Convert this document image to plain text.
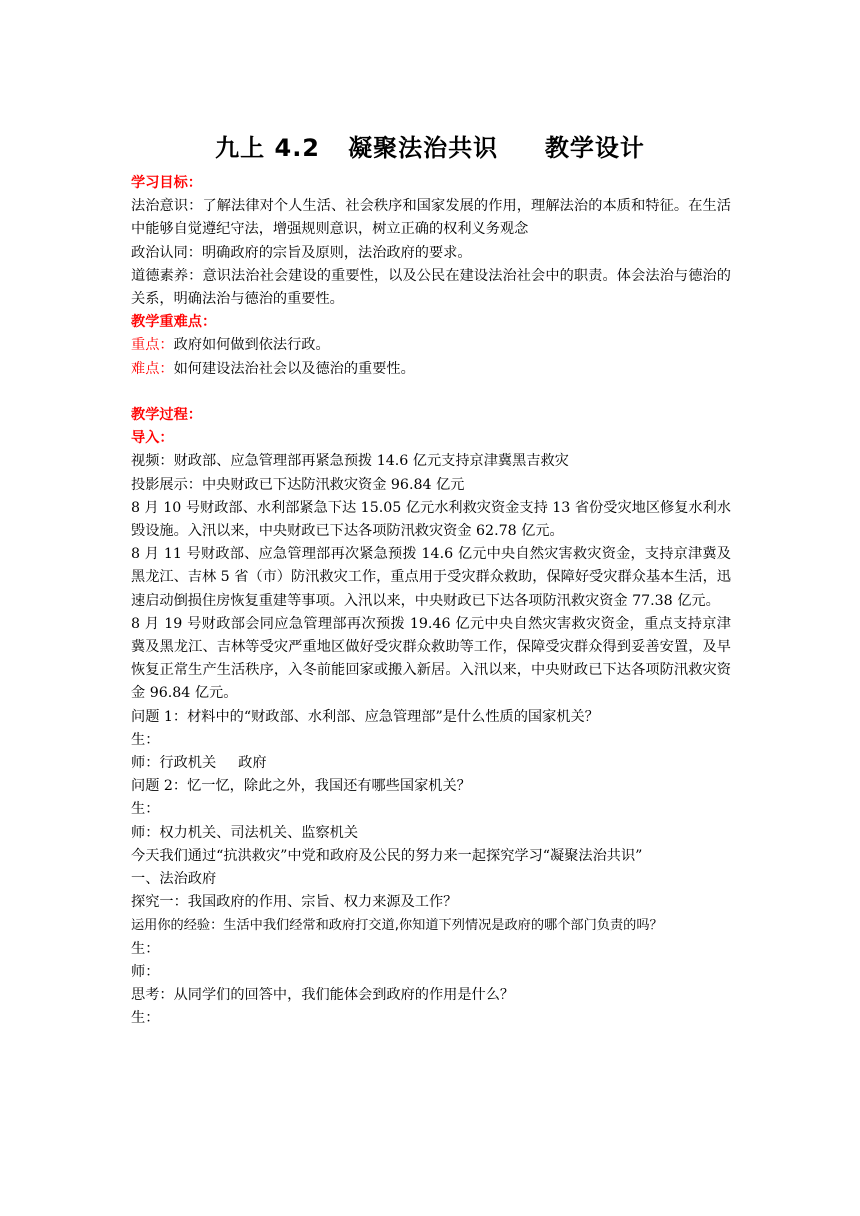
九上 4.2   凝聚法治共识     教学设计

学习目标：

法治意识：了解法律对个人生活、社会秩序和国家发展的作用，理解法治的本质和特征。在生活中能够自觉遵纪守法，增强规则意识，树立正确的权利义务观念

政治认同：明确政府的宗旨及原则，法治政府的要求。

道德素养：意识法治社会建设的重要性，以及公民在建设法治社会中的职责。体会法治与德治的关系，明确法治与德治的重要性。

教学重难点：

重点：政府如何做到依法行政。

难点：如何建设法治社会以及德治的重要性。

教学过程：

导入：

视频：财政部、应急管理部再紧急预拨 14.6 亿元支持京津冀黑吉救灾

投影展示：中央财政已下达防汛救灾资金 96.84 亿元

8 月 10 号财政部、水利部紧急下达 15.05 亿元水利救灾资金支持 13 省份受灾地区修复水利水毁设施。入汛以来，中央财政已下达各项防汛救灾资金 62.78 亿元。

8 月 11 号财政部、应急管理部再次紧急预拨 14.6 亿元中央自然灾害救灾资金，支持京津冀及黑龙江、吉林 5 省（市）防汛救灾工作，重点用于受灾群众救助，保障好受灾群众基本生活，迅速启动倒损住房恢复重建等事项。入汛以来，中央财政已下达各项防汛救灾资金 77.38 亿元。

8 月 19 号财政部会同应急管理部再次预拨 19.46 亿元中央自然灾害救灾资金，重点支持京津冀及黑龙江、吉林等受灾严重地区做好受灾群众救助等工作，保障受灾群众得到妥善安置，及早恢复正常生产生活秩序，入冬前能回家或搬入新居。入汛以来，中央财政已下达各项防汛救灾资金 96.84 亿元。

问题 1：材料中的“财政部、水利部、应急管理部”是什么性质的国家机关？

生：

师：行政机关 政府

问题 2：忆一忆，除此之外，我国还有哪些国家机关？

生：

师：权力机关、司法机关、监察机关

今天我们通过“抗洪救灾”中党和政府及公民的努力来一起探究学习“凝聚法治共识”

一、法治政府

探究一：我国政府的作用、宗旨、权力来源及工作？

运用你的经验：生活中我们经常和政府打交道,你知道下列情况是政府的哪个部门负责的吗？

生：

师：

思考：从同学们的回答中，我们能体会到政府的作用是什么？

生：
